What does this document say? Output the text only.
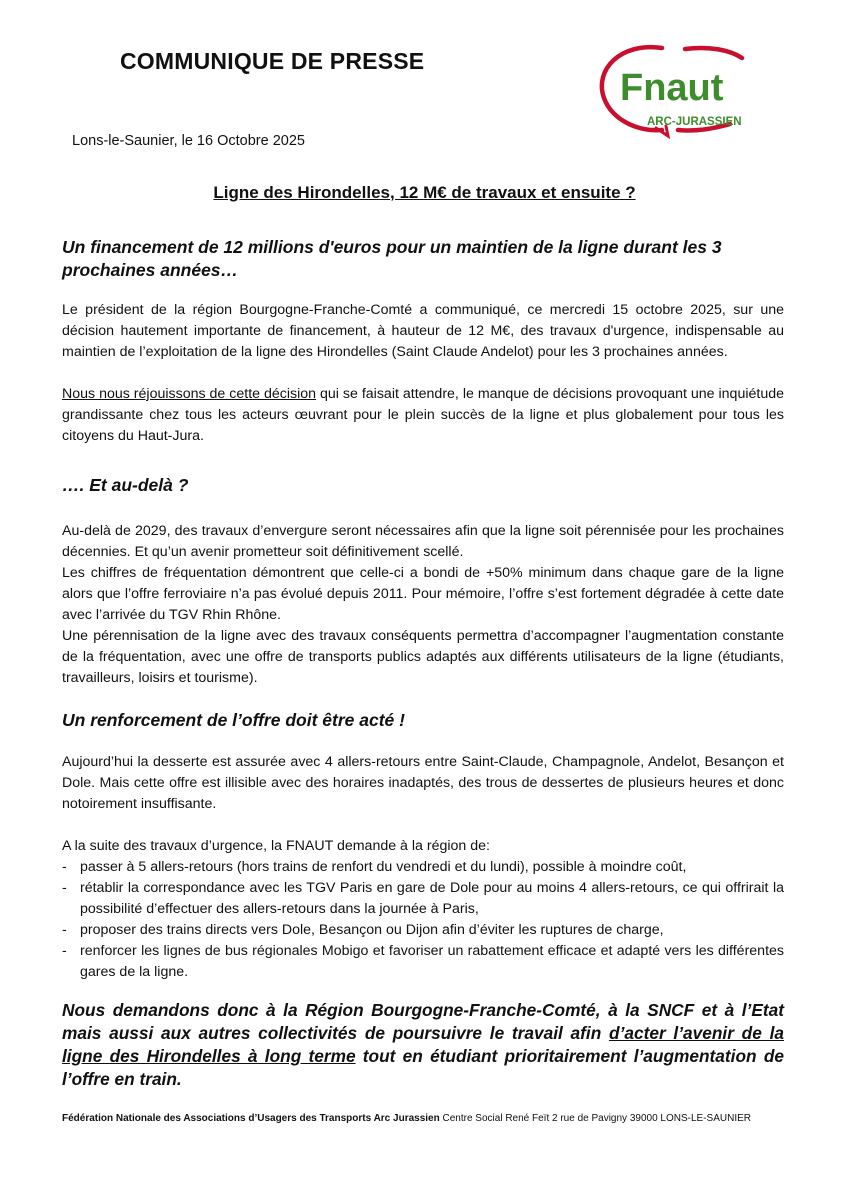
COMMUNIQUE DE PRESSE
Fnaut
ARC-JURASSIEN
Lons-le-Saunier, le 16 Octobre 2025
Ligne des Hirondelles, 12 M€ de travaux et ensuite ?

Un financement de 12 millions d'euros pour un maintien de la ligne durant les 3 prochaines années…

Le président de la région Bourgogne-Franche-Comté a communiqué, ce mercredi 15 octobre 2025, sur une décision hautement importante de financement, à hauteur de 12 M€, des travaux d'urgence, indispensable au maintien de l’exploitation de la ligne des Hirondelles (Saint Claude Andelot) pour les 3 prochaines années.

Nous nous réjouissons de cette décision qui se faisait attendre, le manque de décisions provoquant une inquiétude grandissante chez tous les acteurs œuvrant pour le plein succès de la ligne et plus globalement pour tous les citoyens du Haut-Jura.

…. Et au-delà ?

Au-delà de 2029, des travaux d’envergure seront nécessaires afin que la ligne soit pérennisée pour les prochaines décennies. Et qu’un avenir prometteur soit définitivement scellé.

Les chiffres de fréquentation démontrent que celle-ci a bondi de +50% minimum dans chaque gare de la ligne alors que l’offre ferroviaire n’a pas évolué depuis 2011. Pour mémoire, l’offre s’est fortement dégradée à cette date avec l’arrivée du TGV Rhin Rhône.

Une pérennisation de la ligne avec des travaux conséquents permettra d’accompagner l’augmentation constante de la fréquentation, avec une offre de transports publics adaptés aux différents utilisateurs de la ligne (étudiants, travailleurs, loisirs et tourisme).

Un renforcement de l’offre doit être acté !

Aujourd’hui la desserte est assurée avec 4 allers-retours entre Saint-Claude, Champagnole, Andelot, Besançon et Dole. Mais cette offre est illisible avec des horaires inadaptés, des trous de dessertes de plusieurs heures et donc notoirement insuffisante.

A la suite des travaux d’urgence, la FNAUT demande à la région de:

- passer à 5 allers-retours (hors trains de renfort du vendredi et du lundi), possible à moindre coût,
- rétablir la correspondance avec les TGV Paris en gare de Dole pour au moins 4 allers-retours, ce qui offrirait la possibilité d’effectuer des allers-retours dans la journée à Paris,
- proposer des trains directs vers Dole, Besançon ou Dijon afin d’éviter les ruptures de charge,
- renforcer les lignes de bus régionales Mobigo et favoriser un rabattement efficace et adapté vers les différentes gares de la ligne.

Nous demandons donc à la Région Bourgogne-Franche-Comté, à la SNCF et à l’Etat mais aussi aux autres collectivités de poursuivre le travail afin d’acter l’avenir de la ligne des Hirondelles à long terme tout en étudiant prioritairement l’augmentation de l’offre en train.

Fédération Nationale des Associations d’Usagers des Transports Arc Jurassien Centre Social René Feït 2 rue de Pavigny 39000 LONS-LE-SAUNIER
